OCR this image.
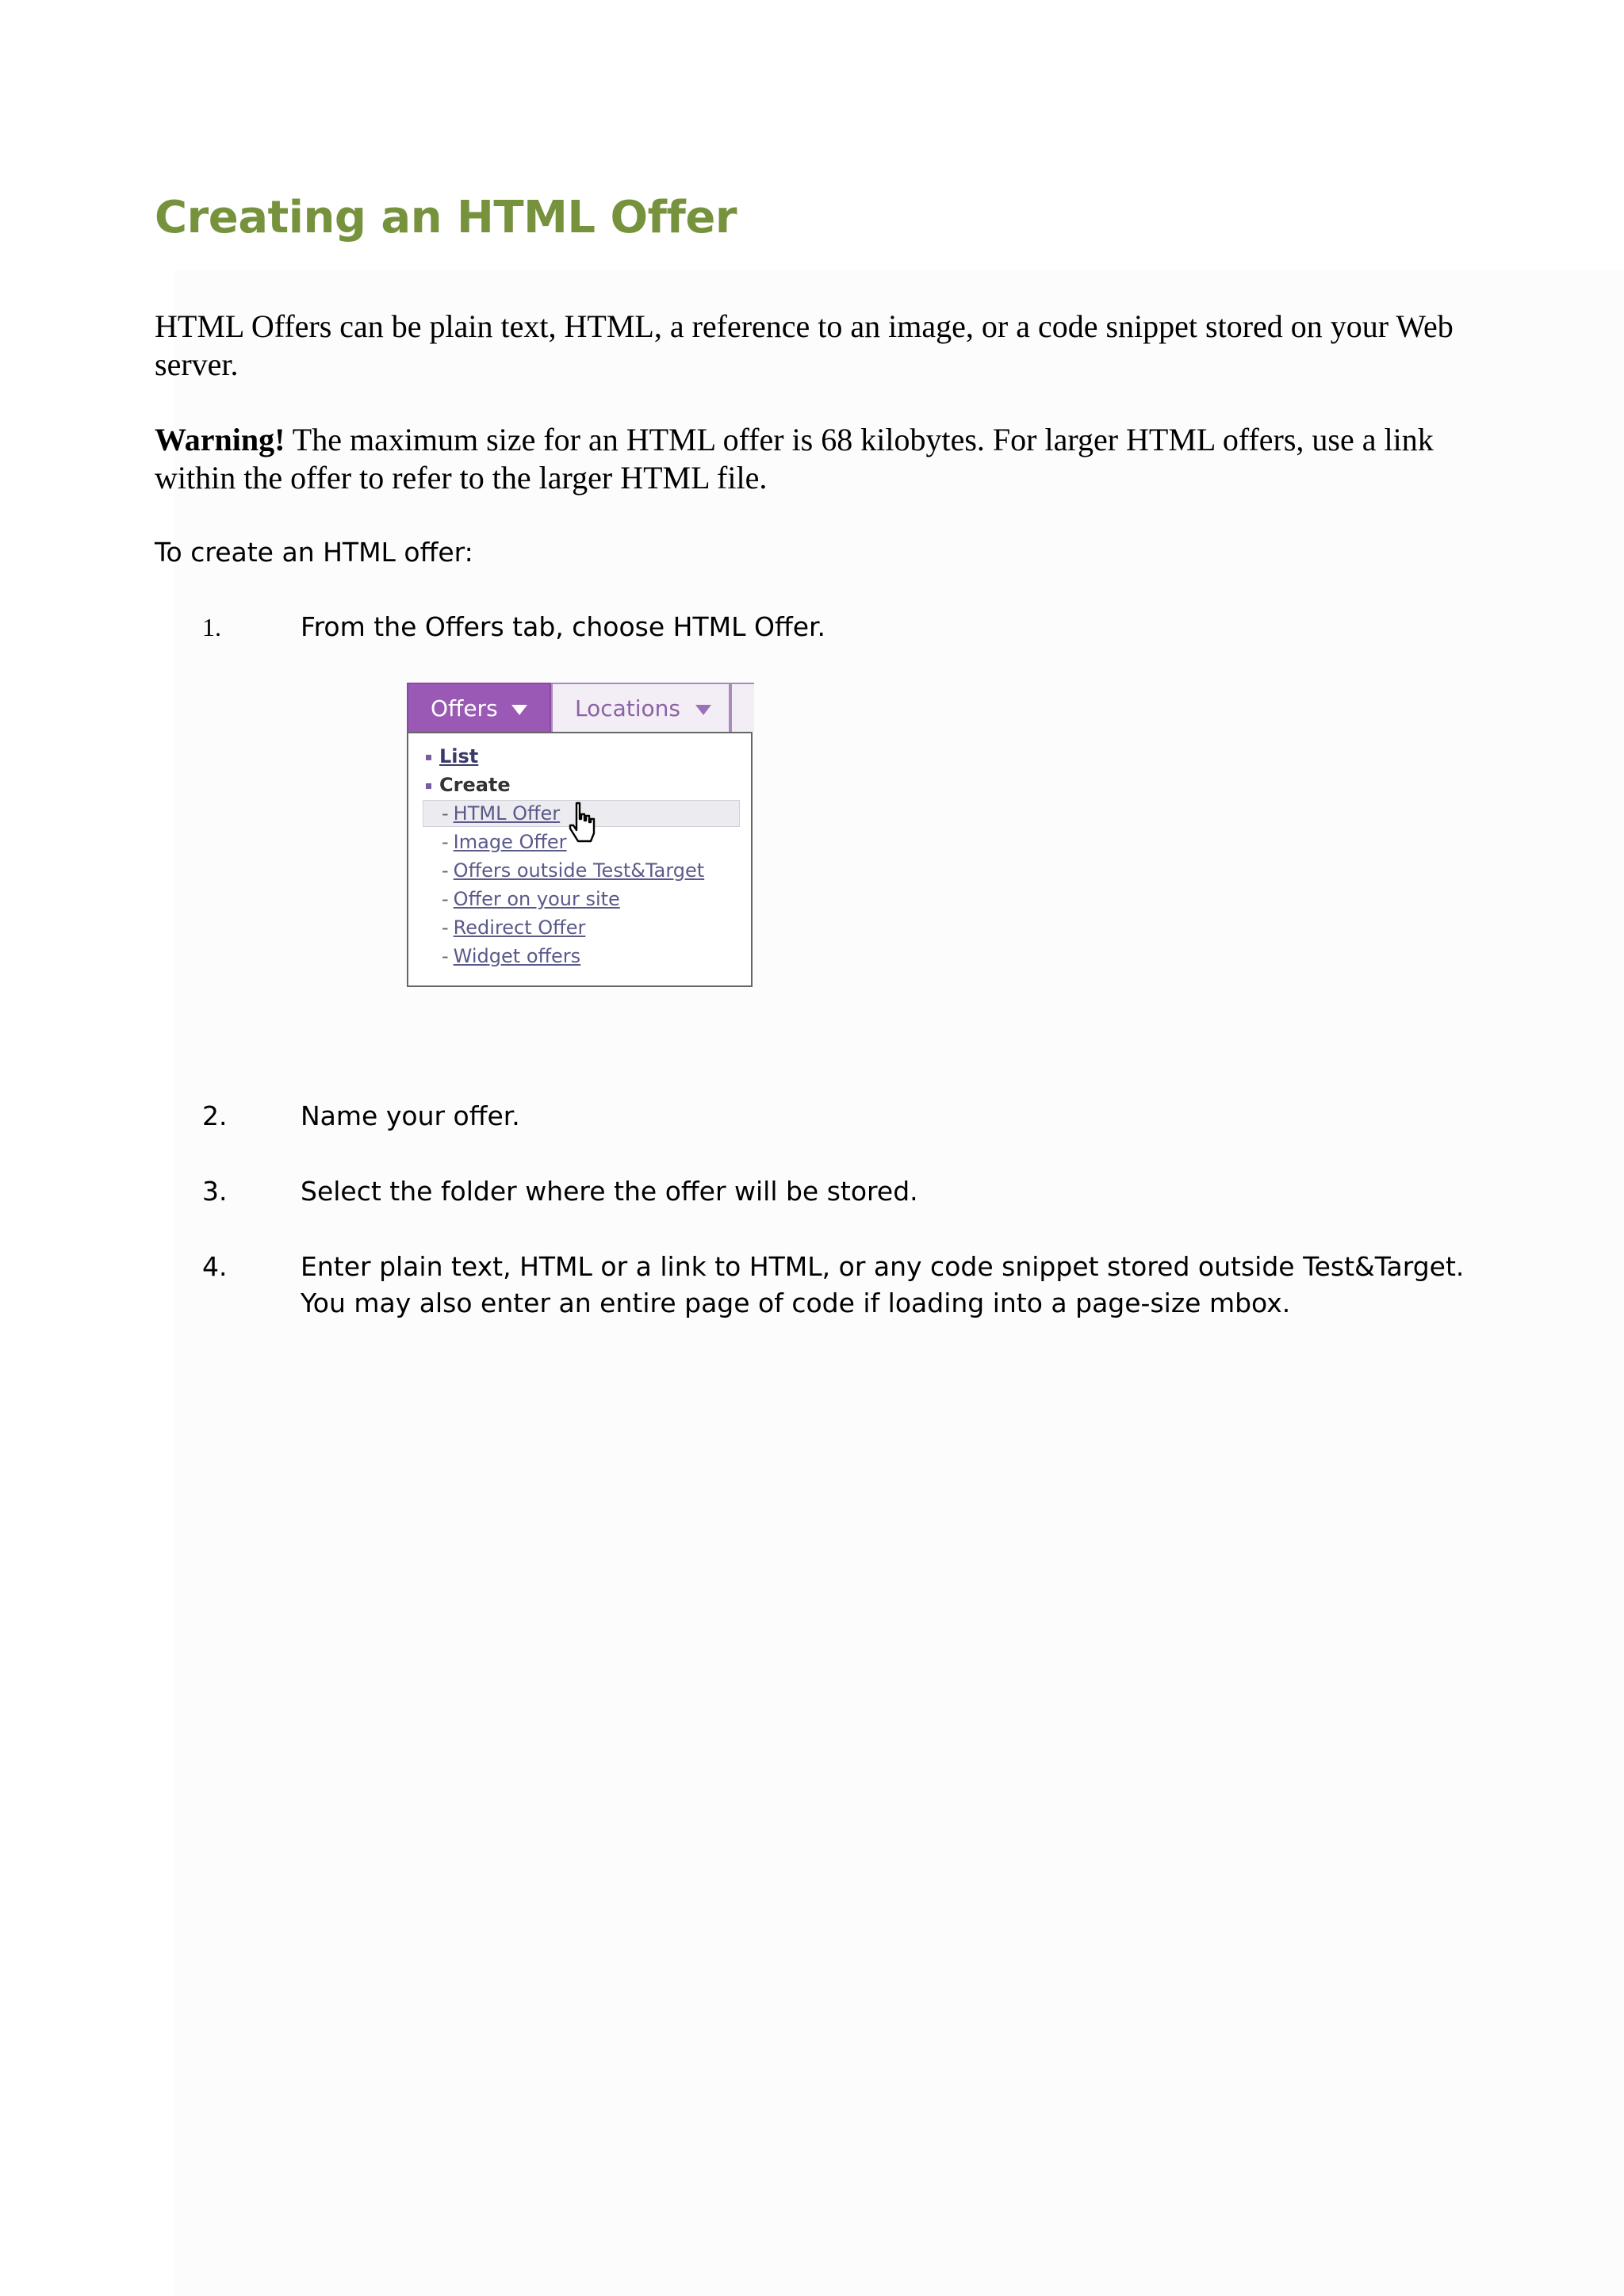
Creating an HTML Offer

HTML Offers can be plain text, HTML, a reference to an image, or a code snippet stored on your Web server.

Warning! The maximum size for an HTML offer is 68 kilobytes. For larger HTML offers, use a link within the offer to refer to the larger HTML file.

To create an HTML offer:

1.	From the Offers tab, choose HTML Offer.
Offers	Locations
List
Create
- HTML Offer
- Image Offer
- Offers outside Test&Target
- Offer on your site
- Redirect Offer
- Widget offers
2.	Name your offer.
3.	Select the folder where the offer will be stored.
4.	Enter plain text, HTML or a link to HTML, or any code snippet stored outside Test&Target. You may also enter an entire page of code if loading into a page-size mbox.
